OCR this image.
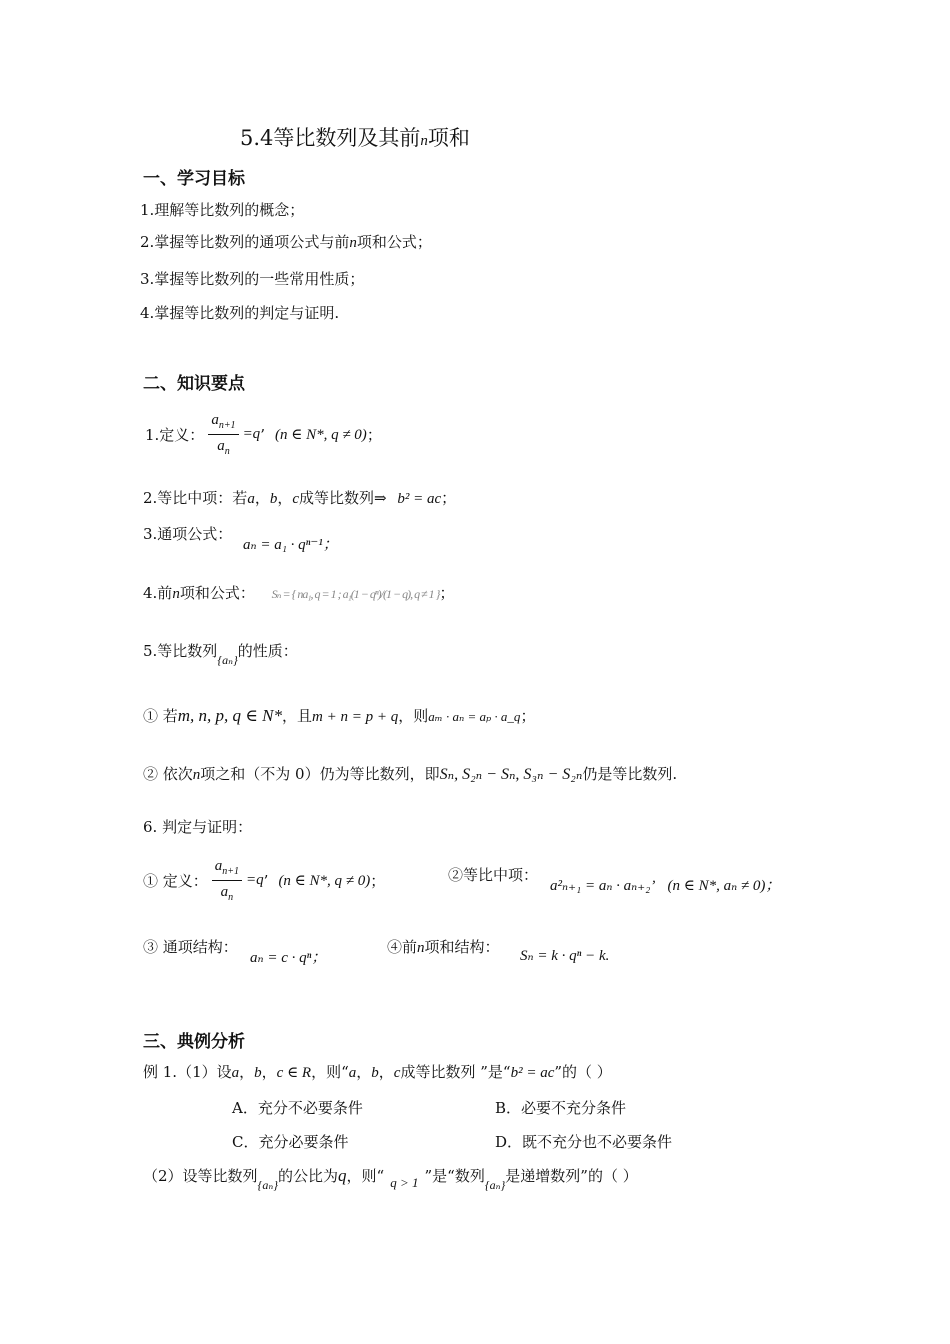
5.4等比数列及其前n项和
一、学习目标
1.理解等比数列的概念；
2.掌握等比数列的通项公式与前n项和公式；
3.掌握等比数列的一些常用性质；
4.掌握等比数列的判定与证明.
二、知识要点
1.定义： $\frac{a_{n+1}}{a_n} =q$ ’ (n ∈ N*, q ≠ 0) ；
2.等比中项：若a，b，c成等比数列⇒ b² = ac；
3.通项公式：
aₙ = a₁ · qⁿ⁻¹；
4.前n项和公式： Sₙ = { na₁, q = 1 ; a₁(1 − qⁿ)/(1 − q), q ≠ 1 }；
5.等比数列$_{\{a_n\}}$的性质：
① 若m, n, p, q ∈ N*，且m + n = p + q，则aₘ · aₙ = aₚ · a_q；
② 依次n项之和（不为 0）仍为等比数列，即Sₙ, S₂ₙ − Sₙ, S₃ₙ − S₂ₙ仍是等比数列.
6. 判定与证明：
① 定义： $\frac{a_{n+1}}{a_n} =q$ ’ (n ∈ N*, q ≠ 0) ；	②等比中项：
a²ₙ₊₁ = aₙ · aₙ₊₂’ (n ∈ N*, aₙ ≠ 0)；
③ 通项结构：
aₙ = c · qⁿ；
④前n项和结构： Sₙ = k · qⁿ − k.
三、典例分析
例 1.（1）设a，b，c ∈ R，则“a，b，c成等比数列 ”是“b² = ac”的（ ）
A．充分不必要条件	B．必要不充分条件
C．充分必要条件	D．既不充分也不必要条件
（2）设等比数列$_{\{a_n\}}$的公比为q，则“ q > 1 ”是“数列$_{\{a_n\}}$是递增数列”的（ ）
